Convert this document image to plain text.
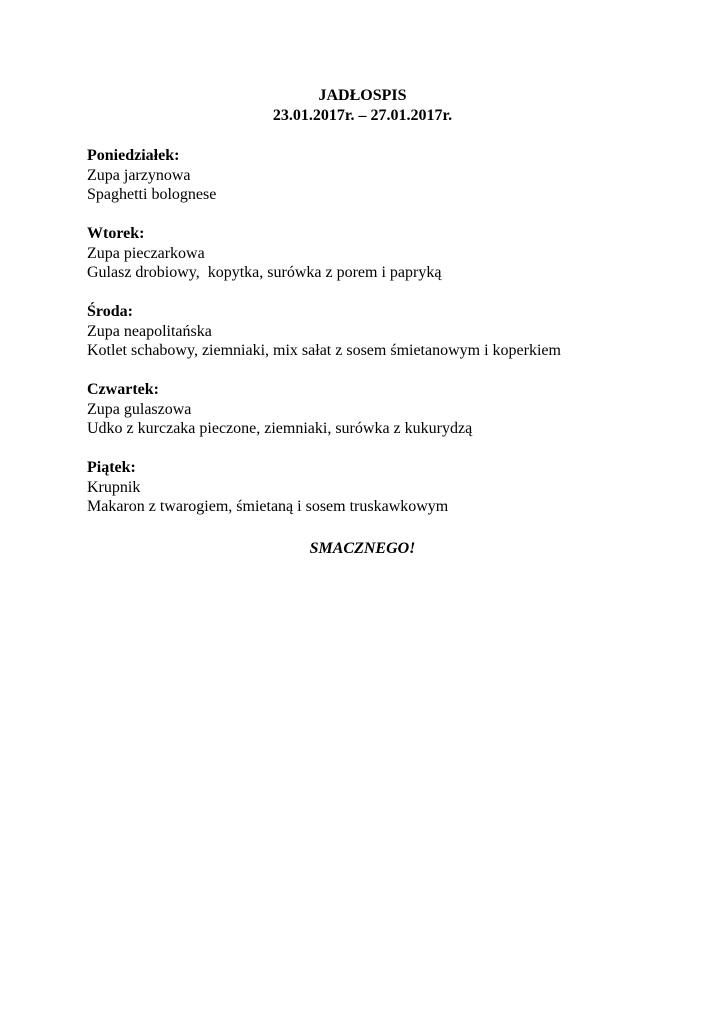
JADŁOSPIS
23.01.2017r. – 27.01.2017r.
Poniedziałek:
Zupa jarzynowa
Spaghetti bolognese
Wtorek:
Zupa pieczarkowa
Gulasz drobiowy,  kopytka, surówka z porem i papryką
Środa:
Zupa neapolitańska
Kotlet schabowy, ziemniaki, mix sałat z sosem śmietanowym i koperkiem
Czwartek:
Zupa gulaszowa
Udko z kurczaka pieczone, ziemniaki, surówka z kukurydzą
Piątek:
Krupnik
Makaron z twarogiem, śmietaną i sosem truskawkowym
SMACZNEGO!
